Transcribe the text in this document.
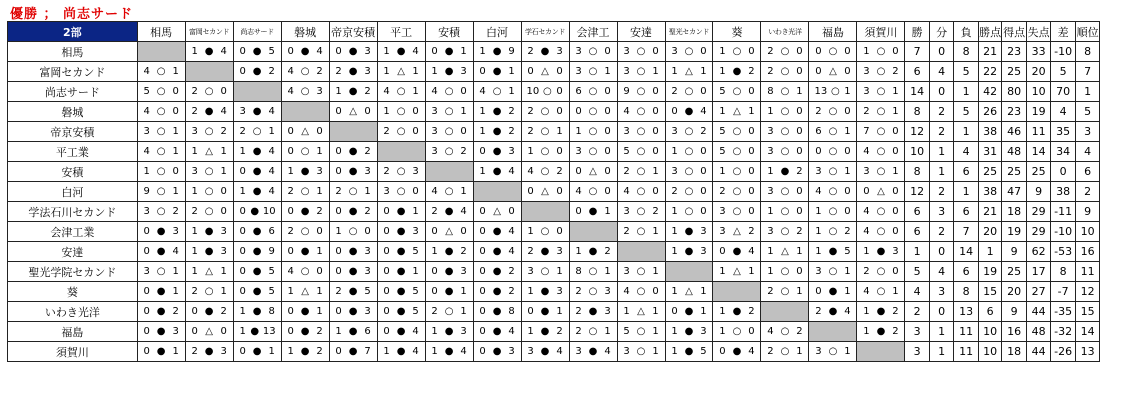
優勝 ； 尚志サード
2部	相馬	富岡セカンド	尚志サード	磐城	帝京安積	平工	安積	白河	学石セカンド	会津工	安達	聖光セカンド	葵	いわき光洋	福島	須賀川	勝	分	負	勝点	得点	失点	差	順位
相馬		1 ● 4	0 ● 5	0 ● 4	0 ● 3	1 ● 4	0 ● 1	1 ● 9	2 ● 3	3 ○ 0	3 ○ 0	3 ○ 0	1 ○ 0	2 ○ 0	0 ○ 0	1 ○ 0	7	0	8	21	23	33	-10	8
富岡セカンド	4 ○ 1		0 ● 2	4 ○ 2	2 ● 3	1 △ 1	1 ● 3	0 ● 1	0 △ 0	3 ○ 1	3 ○ 1	1 △ 1	1 ● 2	2 ○ 0	0 △ 0	3 ○ 2	6	4	5	22	25	20	5	7
尚志サード	5 ○ 0	2 ○ 0		4 ○ 3	1 ● 2	4 ○ 1	4 ○ 0	4 ○ 1	10 ○ 0	6 ○ 0	9 ○ 0	2 ○ 0	5 ○ 0	8 ○ 1	13 ○ 1	3 ○ 1	14	0	1	42	80	10	70	1
磐城	4 ○ 0	2 ● 4	3 ● 4		0 △ 0	1 ○ 0	3 ○ 1	1 ● 2	2 ○ 0	0 ○ 0	4 ○ 0	0 ● 4	1 △ 1	1 ○ 0	2 ○ 0	2 ○ 1	8	2	5	26	23	19	4	5
帝京安積	3 ○ 1	3 ○ 2	2 ○ 1	0 △ 0		2 ○ 0	3 ○ 0	1 ● 2	2 ○ 1	1 ○ 0	3 ○ 0	3 ○ 2	5 ○ 0	3 ○ 0	6 ○ 1	7 ○ 0	12	2	1	38	46	11	35	3
平工業	4 ○ 1	1 △ 1	1 ● 4	0 ○ 1	0 ● 2		3 ○ 2	0 ● 3	1 ○ 0	3 ○ 0	5 ○ 0	1 ○ 0	5 ○ 0	3 ○ 0	0 ○ 0	4 ○ 0	10	1	4	31	48	14	34	4
安積	1 ○ 0	3 ○ 1	0 ● 4	1 ● 3	0 ● 3	2 ○ 3		1 ● 4	4 ○ 2	0 △ 0	2 ○ 1	3 ○ 0	1 ○ 0	1 ● 2	3 ○ 1	3 ○ 1	8	1	6	25	25	25	0	6
白河	9 ○ 1	1 ○ 0	1 ● 4	2 ○ 1	2 ○ 1	3 ○ 0	4 ○ 1		0 △ 0	4 ○ 0	4 ○ 0	2 ○ 0	2 ○ 0	3 ○ 0	4 ○ 0	0 △ 0	12	2	1	38	47	9	38	2
学法石川セカンド	3 ○ 2	2 ○ 0	0 ● 10	0 ● 2	0 ● 2	0 ● 1	2 ● 4	0 △ 0		0 ● 1	3 ○ 2	1 ○ 0	3 ○ 0	1 ○ 0	1 ○ 0	4 ○ 0	6	3	6	21	18	29	-11	9
会津工業	0 ● 3	1 ● 3	0 ● 6	2 ○ 0	1 ○ 0	0 ● 3	0 △ 0	0 ● 4	1 ○ 0		2 ○ 1	1 ● 3	3 △ 2	3 ○ 2	1 ○ 2	4 ○ 0	6	2	7	20	19	29	-10	10
安達	0 ● 4	1 ● 3	0 ● 9	0 ● 1	0 ● 3	0 ● 5	1 ● 2	0 ● 4	2 ● 3	1 ● 2		1 ● 3	0 ● 4	1 △ 1	1 ● 5	1 ● 3	1	0	14	1	9	62	-53	16
聖光学院セカンド	3 ○ 1	1 △ 1	0 ● 5	4 ○ 0	0 ● 3	0 ● 1	0 ● 3	0 ● 2	3 ○ 1	8 ○ 1	3 ○ 1		1 △ 1	1 ○ 0	3 ○ 1	2 ○ 0	5	4	6	19	25	17	8	11
葵	0 ● 1	2 ○ 1	0 ● 5	1 △ 1	2 ● 5	0 ● 5	0 ● 1	0 ● 2	1 ● 3	2 ○ 3	4 ○ 0	1 △ 1		2 ○ 1	0 ● 1	4 ○ 1	4	3	8	15	20	27	-7	12
いわき光洋	0 ● 2	0 ● 2	1 ● 8	0 ● 1	0 ● 3	0 ● 5	2 ○ 1	0 ● 8	0 ● 1	2 ● 3	1 △ 1	0 ● 1	1 ● 2		2 ● 4	1 ● 2	2	0	13	6	9	44	-35	15
福島	0 ● 3	0 △ 0	1 ● 13	0 ● 2	1 ● 6	0 ● 4	1 ● 3	0 ● 4	1 ● 2	2 ○ 1	5 ○ 1	1 ● 3	1 ○ 0	4 ○ 2		1 ● 2	3	1	11	10	16	48	-32	14
須賀川	0 ● 1	2 ● 3	0 ● 1	1 ● 2	0 ● 7	1 ● 4	1 ● 4	0 ● 3	3 ● 4	3 ● 4	3 ○ 1	1 ● 5	0 ● 4	2 ○ 1	3 ○ 1		3	1	11	10	18	44	-26	13
